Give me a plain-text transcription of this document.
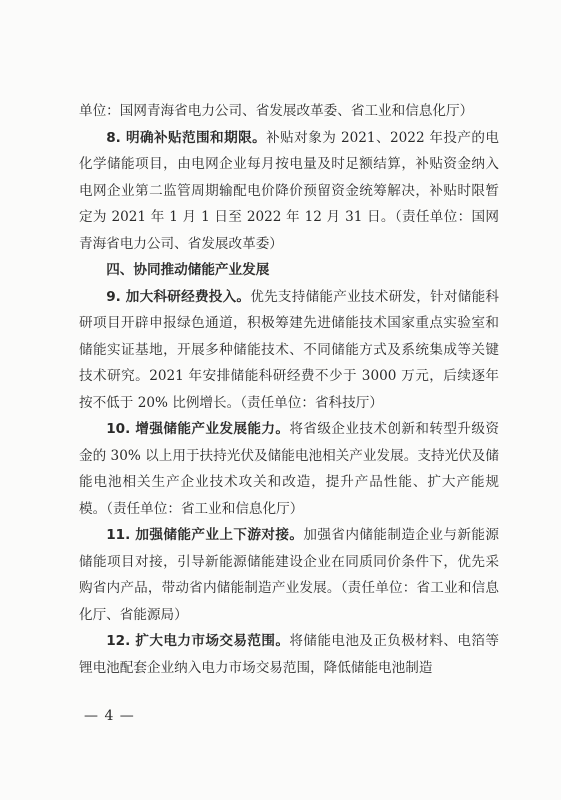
单位：国网青海省电力公司、省发展改革委、省工业和信息化厅）

8. 明确补贴范围和期限。补贴对象为 2021、2022 年投产的电化学储能项目，由电网企业每月按电量及时足额结算，补贴资金纳入电网企业第二监管周期输配电价降价预留资金统筹解决，补贴时限暂定为 2021 年 1 月 1 日至 2022 年 12 月 31 日。（责任单位：国网青海省电力公司、省发展改革委）

四、协同推动储能产业发展

9. 加大科研经费投入。优先支持储能产业技术研发，针对储能科研项目开辟申报绿色通道，积极筹建先进储能技术国家重点实验室和储能实证基地，开展多种储能技术、不同储能方式及系统集成等关键技术研究。2021 年安排储能科研经费不少于 3000 万元，后续逐年按不低于 20% 比例增长。（责任单位：省科技厅）

10. 增强储能产业发展能力。将省级企业技术创新和转型升级资金的 30% 以上用于扶持光伏及储能电池相关产业发展。支持光伏及储能电池相关生产企业技术攻关和改造，提升产品性能、扩大产能规模。（责任单位：省工业和信息化厅）

11. 加强储能产业上下游对接。加强省内储能制造企业与新能源储能项目对接，引导新能源储能建设企业在同质同价条件下，优先采购省内产品，带动省内储能制造产业发展。（责任单位：省工业和信息化厅、省能源局）

12. 扩大电力市场交易范围。将储能电池及正负极材料、电箔等锂电池配套企业纳入电力市场交易范围，降低储能电池制造

— 4 —
